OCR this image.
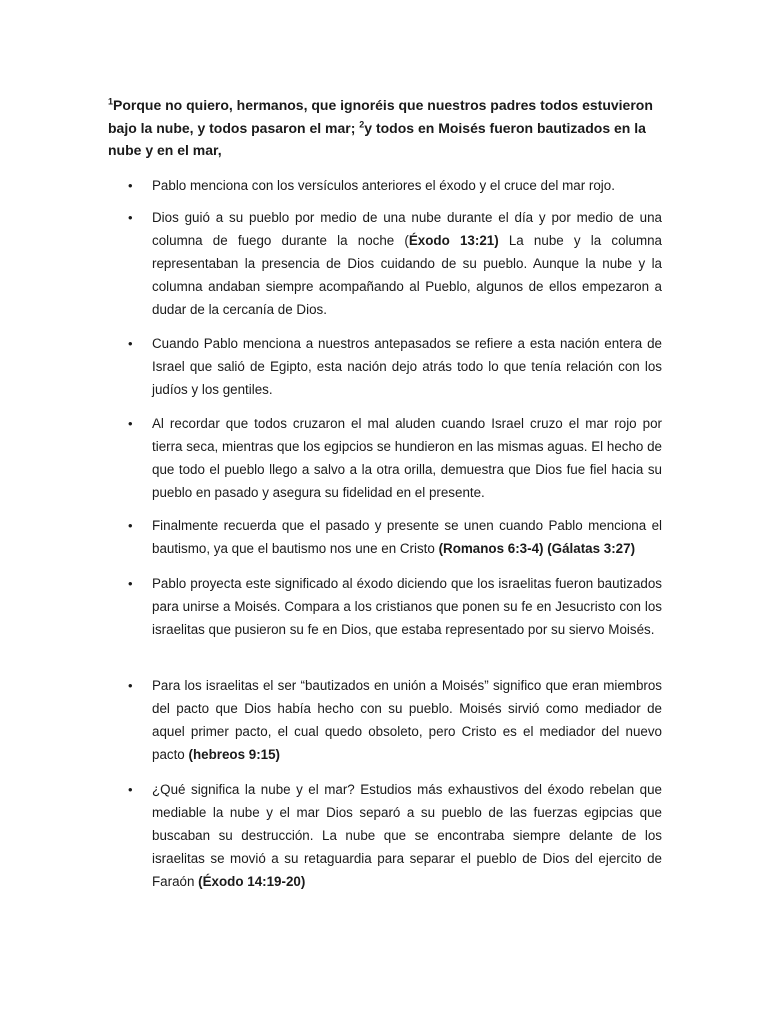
$^1$Porque no quiero, hermanos, que ignoréis que nuestros padres todos estuvieron bajo la nube, y todos pasaron el mar; $^2$y todos en Moisés fueron bautizados en la nube y en el mar,

• Pablo menciona con los versículos anteriores el éxodo y el cruce del mar rojo.
• Dios guió a su pueblo por medio de una nube durante el día y por medio de una columna de fuego durante la noche (Éxodo 13:21) La nube y la columna representaban la presencia de Dios cuidando de su pueblo. Aunque la nube y la columna andaban siempre acompañando al Pueblo, algunos de ellos empezaron a dudar de la cercanía de Dios.
• Cuando Pablo menciona a nuestros antepasados se refiere a esta nación entera de Israel que salió de Egipto, esta nación dejo atrás todo lo que tenía relación con los judíos y los gentiles.
• Al recordar que todos cruzaron el mal aluden cuando Israel cruzo el mar rojo por tierra seca, mientras que los egipcios se hundieron en las mismas aguas. El hecho de que todo el pueblo llego a salvo a la otra orilla, demuestra que Dios fue fiel hacia su pueblo en pasado y asegura su fidelidad en el presente.
• Finalmente recuerda que el pasado y presente se unen cuando Pablo menciona el bautismo, ya que el bautismo nos une en Cristo (Romanos 6:3-4) (Gálatas 3:27)
• Pablo proyecta este significado al éxodo diciendo que los israelitas fueron bautizados para unirse a Moisés. Compara a los cristianos que ponen su fe en Jesucristo con los israelitas que pusieron su fe en Dios, que estaba representado por su siervo Moisés.
• Para los israelitas el ser “bautizados en unión a Moisés” significo que eran miembros del pacto que Dios había hecho con su pueblo. Moisés sirvió como mediador de aquel primer pacto, el cual quedo obsoleto, pero Cristo es el mediador del nuevo pacto (hebreos 9:15)
• ¿Qué significa la nube y el mar? Estudios más exhaustivos del éxodo rebelan que mediable la nube y el mar Dios separó a su pueblo de las fuerzas egipcias que buscaban su destrucción. La nube que se encontraba siempre delante de los israelitas se movió a su retaguardia para separar el pueblo de Dios del ejercito de Faraón (Éxodo 14:19-20)
